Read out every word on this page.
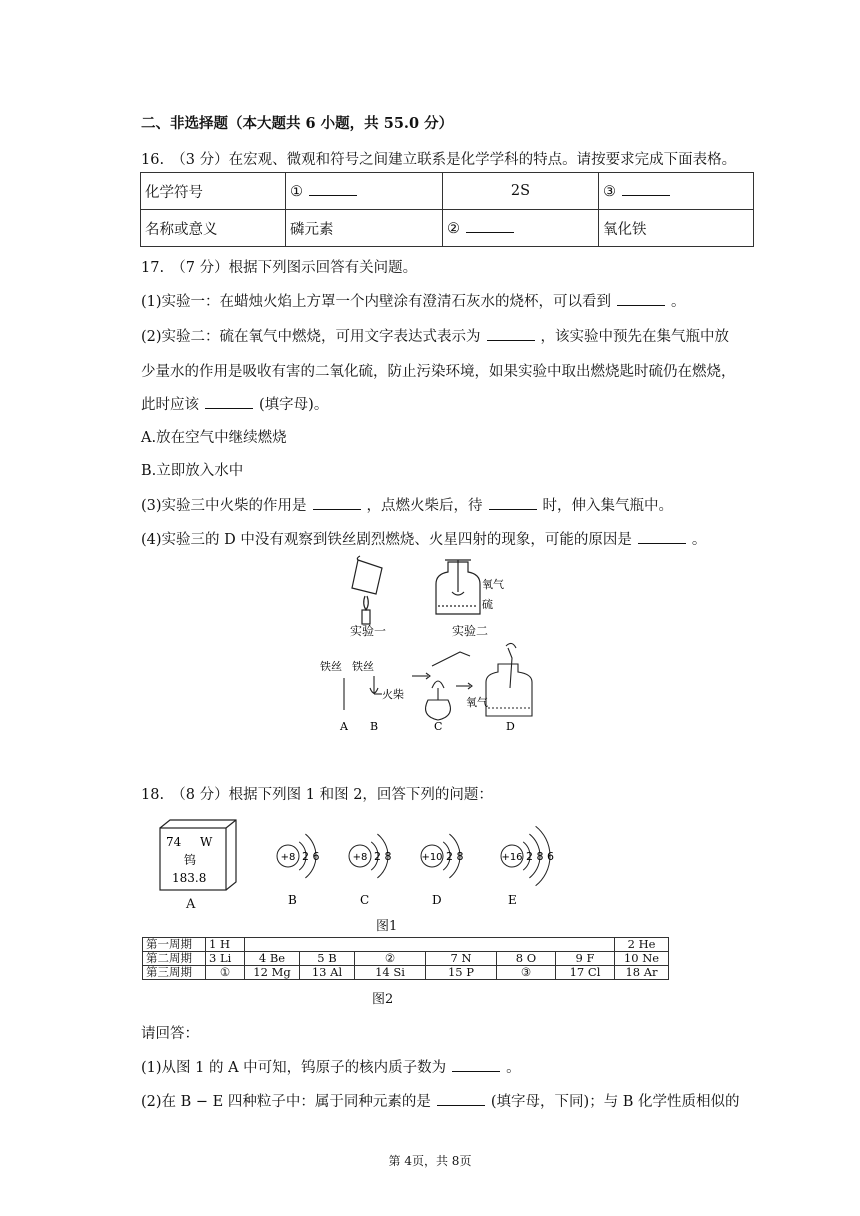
二、非选择题（本大题共 6 小题，共 55.0 分）
16.　（3 分）在宏观、微观和符号之间建立联系是化学学科的特点。请按要求完成下面表格。
化学符号	①	2S	③
名称或意义	磷元素	②	氧化铁
17.　（7 分）根据下列图示回答有关问题。
(1)实验一：在蜡烛火焰上方罩一个内壁涂有澄清石灰水的烧杯，可以看到	。
(2)实验二：硫在氧气中燃烧，可用文字表达式表示为	，该实验中预先在集气瓶中放
少量水的作用是吸收有害的二氧化硫，防止污染环境，如果实验中取出燃烧匙时硫仍在燃烧，
此时应该	(填字母)。
A.放在空气中继续燃烧
B.立即放入水中
(3)实验三中火柴的作用是	，点燃火柴后，待	时，伸入集气瓶中。
(4)实验三的 D 中没有观察到铁丝剧烈燃烧、火星四射的现象，可能的原因是	。
实验一
氧气
硫
实验二
铁丝 铁丝
火柴
氧气
A B	C	D
18.　（8 分）根据下列图 1 和图 2，回答下列的问题：
74 W
钨
183.8
A
+8 2 6
B
+8 2 8
C
+10 2 8
D
+16 2 8 6
E
图1
第一周期	1 H							2 He
第二周期	3 Li	4 Be	5 B	②	7 N	8 O	9 F	10 Ne
第三周期	①	12 Mg	13 Al	14 Si	15 P	③	17 Cl	18 Ar
图2
请回答：
(1)从图 1 的 A 中可知，钨原子的核内质子数为	。
(2)在 B − E 四种粒子中：属于同种元素的是	(填字母，下同)；与 B 化学性质相似的
第 4页，共 8页
